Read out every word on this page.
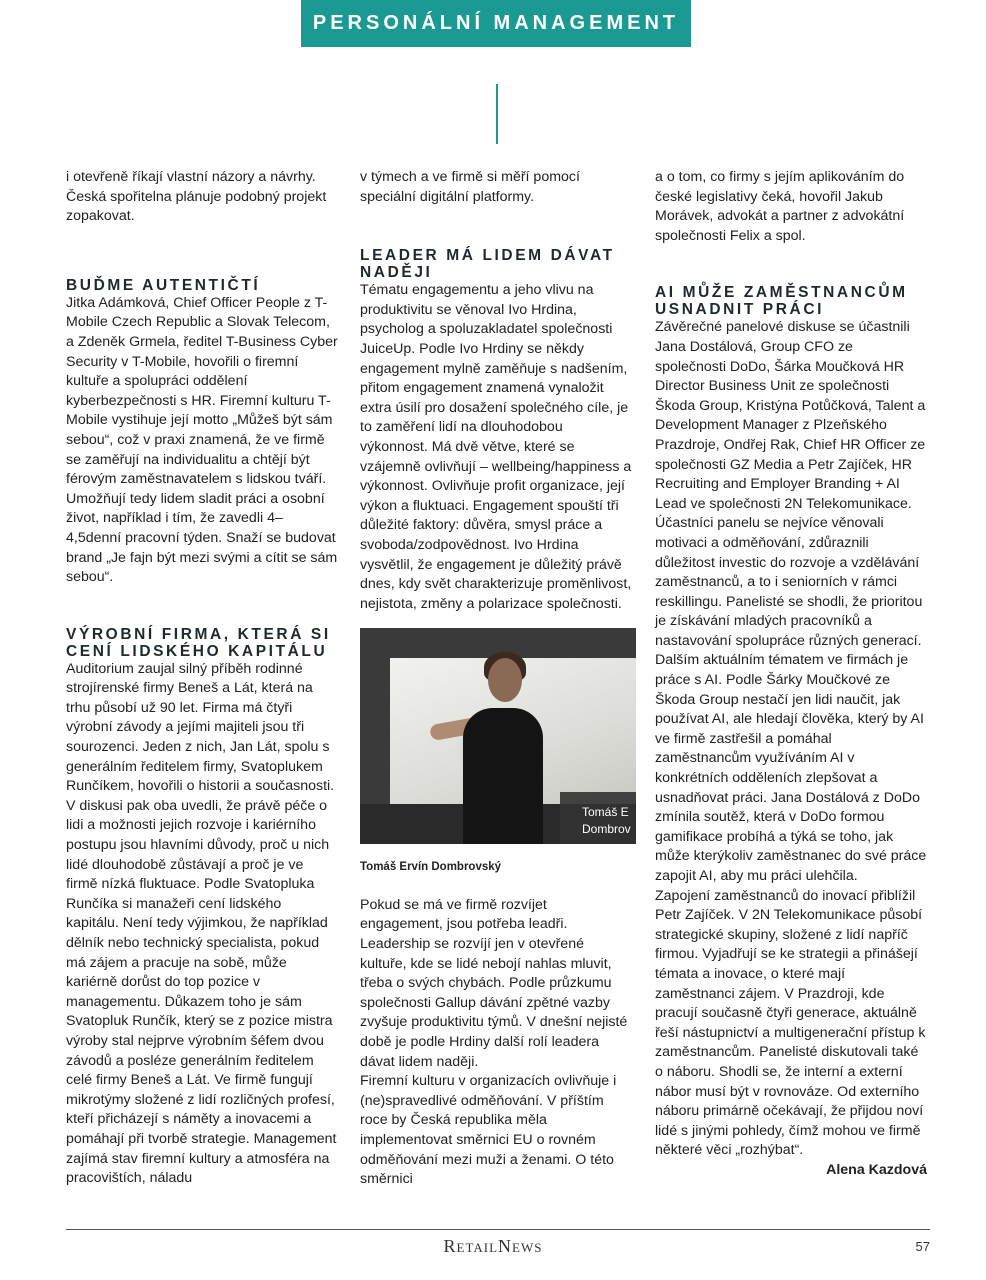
PERSONÁLNÍ MANAGEMENT

i otevřeně říkají vlastní názory a návrhy. Česká spořitelna plánuje podobný projekt zopakovat.

BUĎME AUTENTIČTÍ

Jitka Adámková, Chief Officer People z T-Mobile Czech Republic a Slovak Telecom, a Zdeněk Grmela, ředitel T-Business Cyber Security v T-Mobile, hovořili o firemní kultuře a spolupráci oddělení kyberbezpečnosti s HR. Firemní kulturu T-Mobile vystihuje její motto „Můžeš být sám sebou“, což v praxi znamená, že ve firmě se zaměřují na individualitu a chtějí být férovým zaměstnavatelem s lidskou tváří. Umožňují tedy lidem sladit práci a osobní život, například i tím, že zavedli 4–4,5denní pracovní týden. Snaží se budovat brand „Je fajn být mezi svými a cítit se sám sebou“.

VÝROBNÍ FIRMA, KTERÁ SI CENÍ LIDSKÉHO KAPITÁLU

Auditorium zaujal silný příběh rodinné strojírenské firmy Beneš a Lát, která na trhu působí už 90 let. Firma má čtyři výrobní závody a jejími majiteli jsou tři sourozenci. Jeden z nich, Jan Lát, spolu s generálním ředitelem firmy, Svatoplukem Runčíkem, hovořili o historii a současnosti. V diskusi pak oba uvedli, že právě péče o lidi a možnosti jejich rozvoje i kariérního postupu jsou hlavními důvody, proč u nich lidé dlouhodobě zůstávají a proč je ve firmě nízká fluktuace. Podle Svatopluka Runčíka si manažeři cení lidského kapitálu. Není tedy výjimkou, že například dělník nebo technický specialista, pokud má zájem a pracuje na sobě, může kariérně dorůst do top pozice v managementu. Důkazem toho je sám Svatopluk Runčík, který se z pozice mistra výroby stal nejprve výrobním šéfem dvou závodů a posléze generálním ředitelem celé firmy Beneš a Lát. Ve firmě fungují mikrotýmy složené z lidí rozličných profesí, kteří přicházejí s náměty a inovacemi a pomáhají při tvorbě strategie. Management zajímá stav firemní kultury a atmosféra na pracovištích, náladu

v týmech a ve firmě si měří pomocí speciální digitální platformy.

LEADER MÁ LIDEM DÁVAT NADĚJI

Tématu engagementu a jeho vlivu na produktivitu se věnoval Ivo Hrdina, psycholog a spoluzakladatel společnosti JuiceUp. Podle Ivo Hrdiny se někdy engagement mylně zaměňuje s nadšením, přitom engagement znamená vynaložit extra úsilí pro dosažení společného cíle, je to zaměření lidí na dlouhodobou výkonnost. Má dvě větve, které se vzájemně ovlivňují – wellbeing/happiness a výkonnost. Ovlivňuje profit organizace, její výkon a fluktuaci. Engagement spouští tři důležité faktory: důvěra, smysl práce a svoboda/zodpovědnost. Ivo Hrdina vysvětlil, že engagement je důležitý právě dnes, kdy svět charakterizuje proměnlivost, nejistota, změny a polarizace společnosti.

Tomáš E
Dombrov

Tomáš Ervín Dombrovský

Pokud se má ve firmě rozvíjet engagement, jsou potřeba leadři. Leadership se rozvíjí jen v otevřené kultuře, kde se lidé nebojí nahlas mluvit, třeba o svých chybách. Podle průzkumu společnosti Gallup dávání zpětné vazby zvyšuje produktivitu týmů. V dnešní nejisté době je podle Hrdiny další rolí leadera dávat lidem naději.

Firemní kulturu v organizacích ovlivňuje i (ne)spravedlivé odměňování. V příštím roce by Česká republika měla implementovat směrnici EU o rovném odměňování mezi muži a ženami. O této směrnici

a o tom, co firmy s jejím aplikováním do české legislativy čeká, hovořil Jakub Morávek, advokát a partner z advokátní společnosti Felix a spol.

AI MŮŽE ZAMĚSTNANCŮM USNADNIT PRÁCI

Závěrečné panelové diskuse se účastnili Jana Dostálová, Group CFO ze společnosti DoDo, Šárka Moučková HR Director Business Unit ze společnosti Škoda Group, Kristýna Potůčková, Talent a Development Manager z Plzeňského Prazdroje, Ondřej Rak, Chief HR Officer ze společnosti GZ Media a Petr Zajíček, HR Recruiting and Employer Branding + AI Lead ve společnosti 2N Telekomunikace. Účastníci panelu se nejvíce věnovali motivaci a odměňování, zdůraznili důležitost investic do rozvoje a vzdělávání zaměstnanců, a to i seniorních v rámci reskillingu. Panelisté se shodli, že prioritou je získávání mladých pracovníků a nastavování spolupráce různých generací. Dalším aktuálním tématem ve firmách je práce s AI. Podle Šárky Moučkové ze Škoda Group nestačí jen lidi naučit, jak používat AI, ale hledají člověka, který by AI ve firmě zastřešil a pomáhal zaměstnancům využíváním AI v konkrétních odděleních zlepšovat a usnadňovat práci. Jana Dostálová z DoDo zmínila soutěž, která v DoDo formou gamifikace probíhá a týká se toho, jak může kterýkoliv zaměstnanec do své práce zapojit AI, aby mu práci ulehčila.

Zapojení zaměstnanců do inovací přiblížil Petr Zajíček. V 2N Telekomunikace působí strategické skupiny, složené z lidí napříč firmou. Vyjadřují se ke strategii a přinášejí témata a inovace, o které mají zaměstnanci zájem. V Prazdroji, kde pracují současně čtyři generace, aktuálně řeší nástupnictví a multigenerační přístup k zaměstnancům. Panelisté diskutovali také o náboru. Shodli se, že interní a externí nábor musí být v rovnováze. Od externího náboru primárně očekávají, že přijdou noví lidé s jinými pohledy, čímž mohou ve firmě některé věci „rozhýbat“.

Alena Kazdová

RetailNews	57
